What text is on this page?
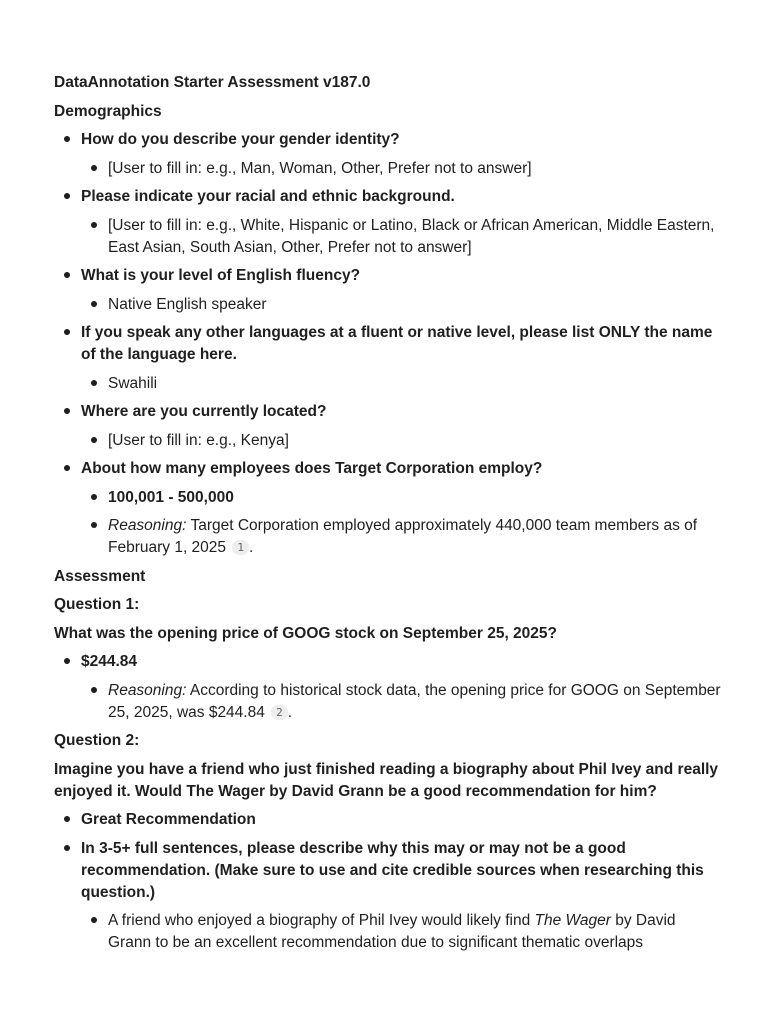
DataAnnotation Starter Assessment v187.0

Demographics

How do you describe your gender identity?
[User to fill in: e.g., Man, Woman, Other, Prefer not to answer]
Please indicate your racial and ethnic background.
[User to fill in: e.g., White, Hispanic or Latino, Black or African American, Middle Eastern, East Asian, South Asian, Other, Prefer not to answer]
What is your level of English fluency?
Native English speaker
If you speak any other languages at a fluent or native level, please list ONLY the name of the language here.
Swahili
Where are you currently located?
[User to fill in: e.g., Kenya]
About how many employees does Target Corporation employ?
100,001 - 500,000
Reasoning: Target Corporation employed approximately 440,000 team members as of February 1, 2025 1 .

Assessment

Question 1:

What was the opening price of GOOG stock on September 25, 2025?

$244.84
Reasoning: According to historical stock data, the opening price for GOOG on September 25, 2025, was $244.84 2 .

Question 2:

Imagine you have a friend who just finished reading a biography about Phil Ivey and really enjoyed it. Would The Wager by David Grann be a good recommendation for him?

Great Recommendation
In 3-5+ full sentences, please describe why this may or may not be a good recommendation. (Make sure to use and cite credible sources when researching this question.)
A friend who enjoyed a biography of Phil Ivey would likely find The Wager by David Grann to be an excellent recommendation due to significant thematic overlaps
